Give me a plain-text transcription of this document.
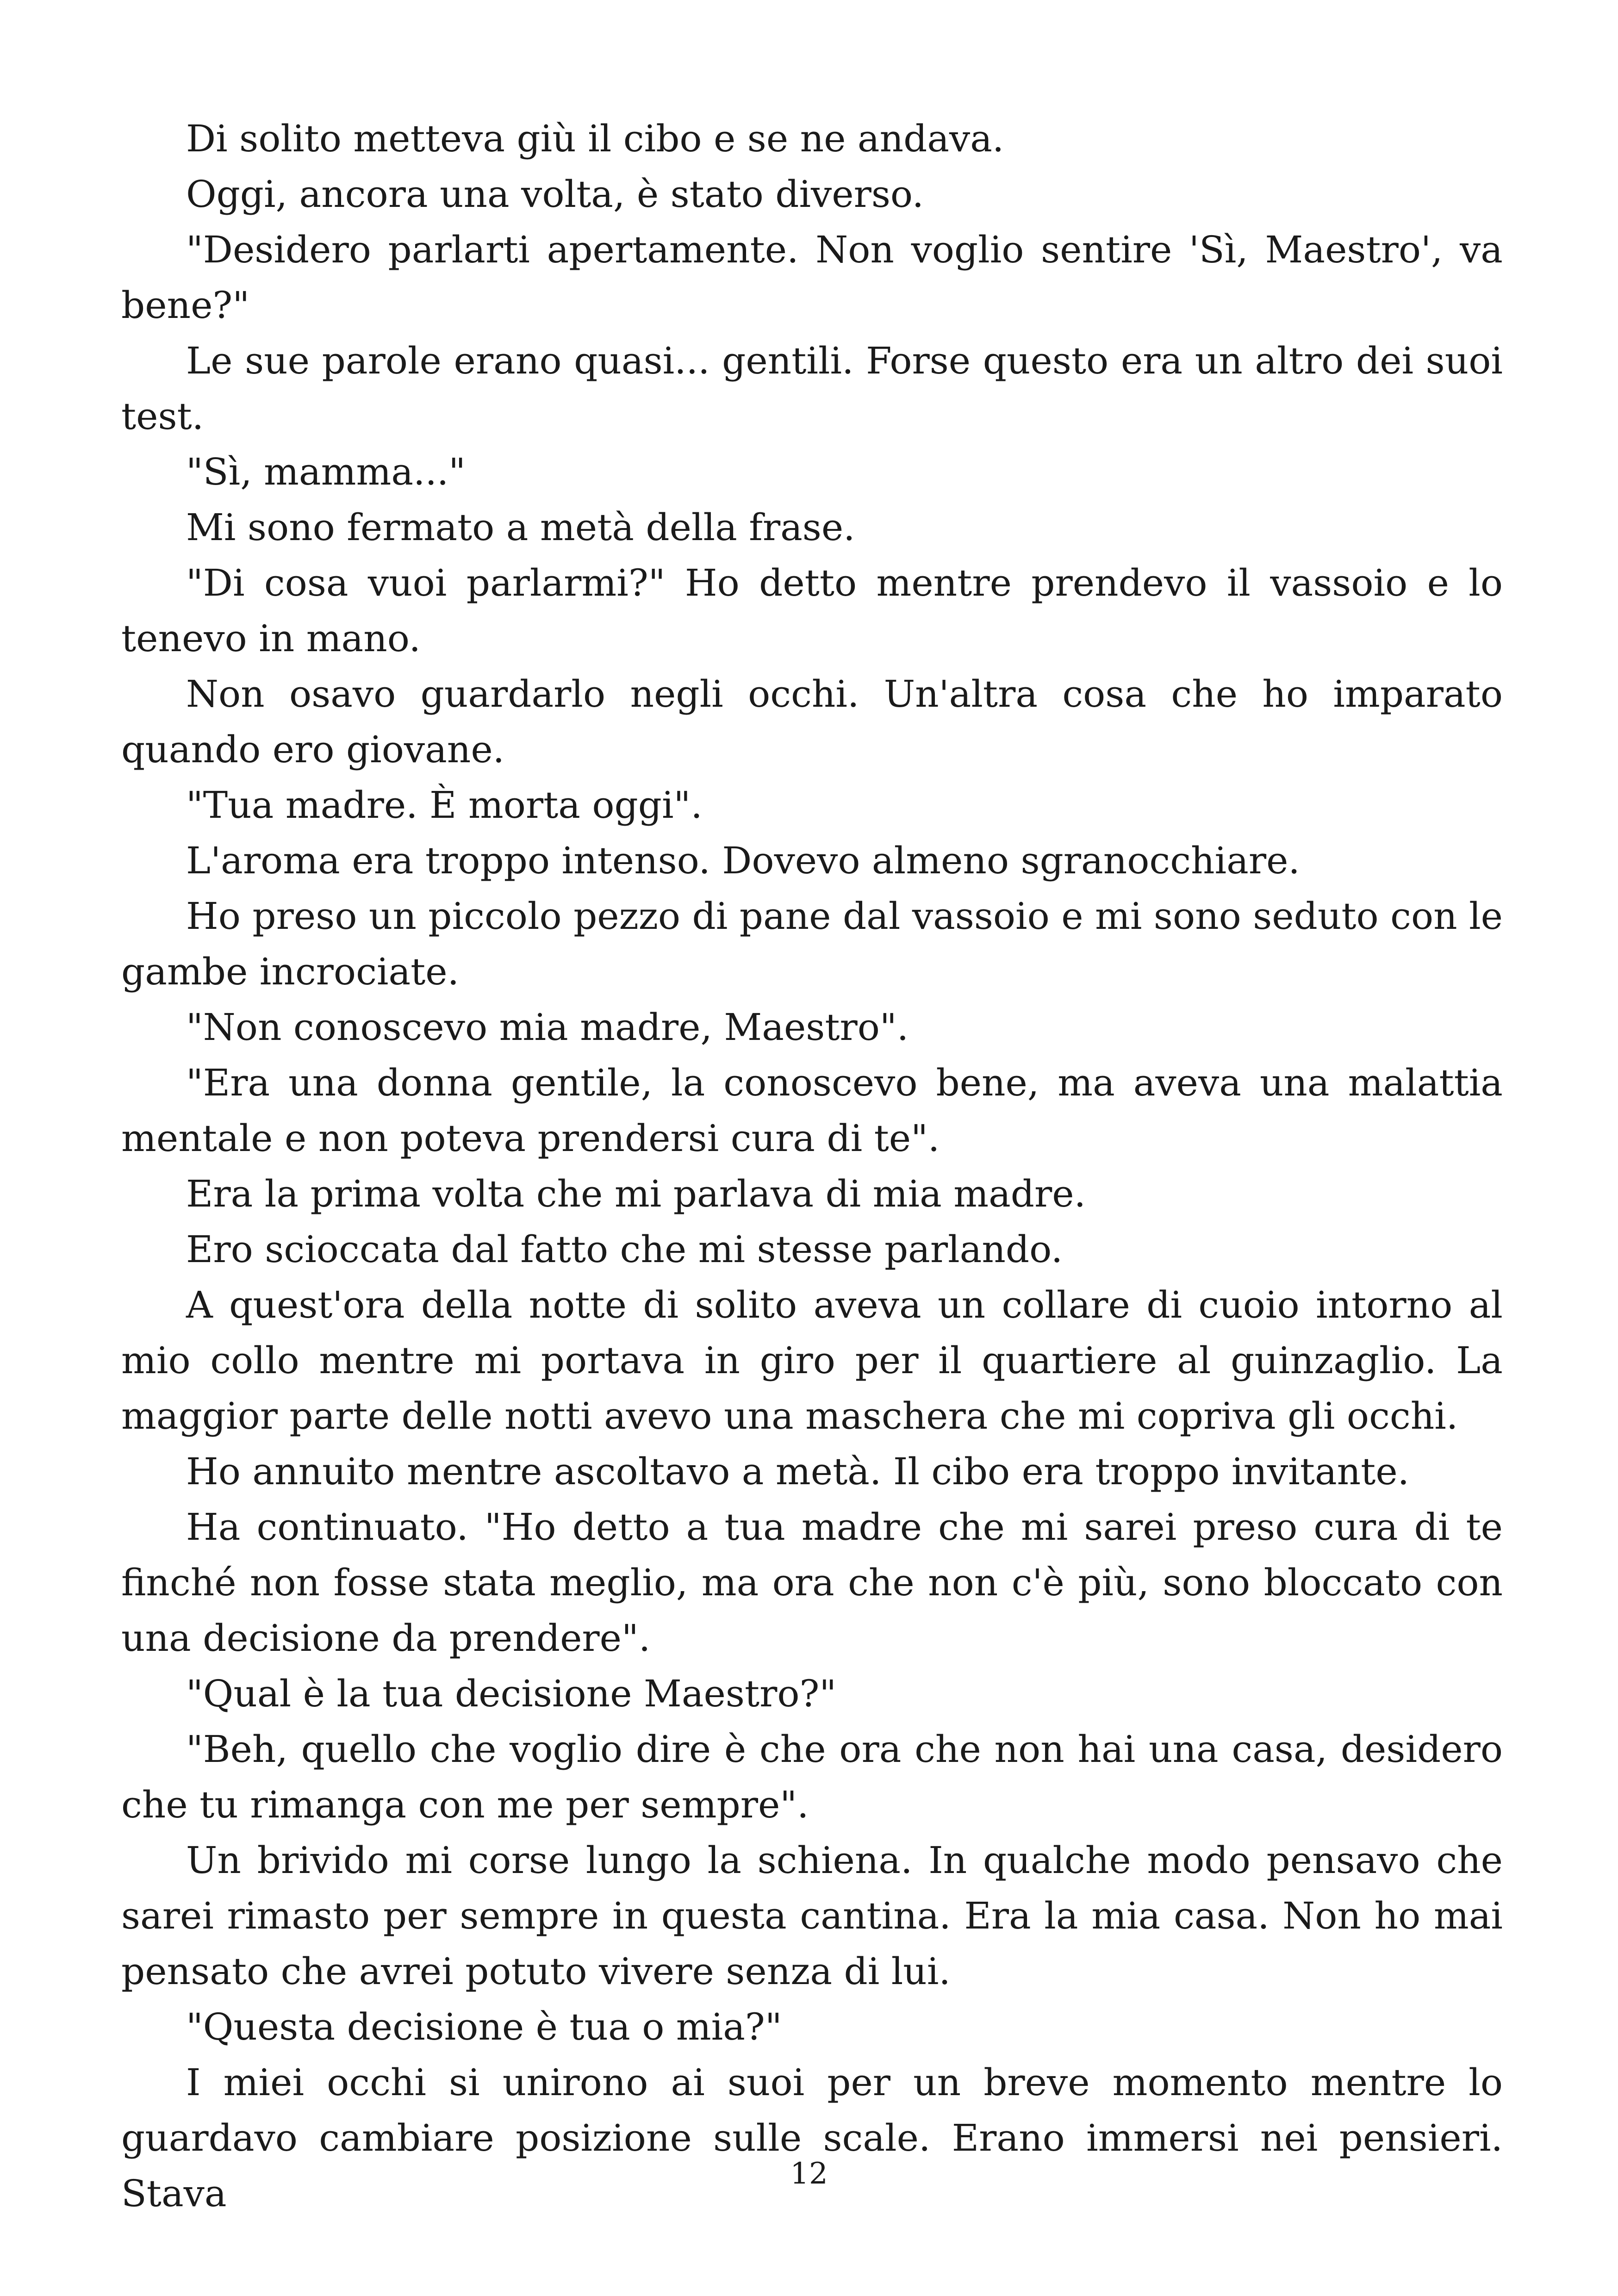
Di solito metteva giù il cibo e se ne andava.

Oggi, ancora una volta, è stato diverso.

"Desidero parlarti apertamente. Non voglio sentire 'Sì, Maestro', va bene?"

Le sue parole erano quasi... gentili. Forse questo era un altro dei suoi test.

"Sì, mamma..."

Mi sono fermato a metà della frase.

"Di cosa vuoi parlarmi?" Ho detto mentre prendevo il vassoio e lo tenevo in mano.

Non osavo guardarlo negli occhi. Un'altra cosa che ho imparato quando ero giovane.

"Tua madre. È morta oggi".

L'aroma era troppo intenso. Dovevo almeno sgranocchiare.

Ho preso un piccolo pezzo di pane dal vassoio e mi sono seduto con le gambe incrociate.

"Non conoscevo mia madre, Maestro".

"Era una donna gentile, la conoscevo bene, ma aveva una malattia mentale e non poteva prendersi cura di te".

Era la prima volta che mi parlava di mia madre.

Ero scioccata dal fatto che mi stesse parlando.

A quest'ora della notte di solito aveva un collare di cuoio intorno al mio collo mentre mi portava in giro per il quartiere al guinzaglio. La maggior parte delle notti avevo una maschera che mi copriva gli occhi.

Ho annuito mentre ascoltavo a metà. Il cibo era troppo invitante.

Ha continuato. "Ho detto a tua madre che mi sarei preso cura di te finché non fosse stata meglio, ma ora che non c'è più, sono bloccato con una decisione da prendere".

"Qual è la tua decisione Maestro?"

"Beh, quello che voglio dire è che ora che non hai una casa, desidero che tu rimanga con me per sempre".

Un brivido mi corse lungo la schiena. In qualche modo pensavo che sarei rimasto per sempre in questa cantina. Era la mia casa. Non ho mai pensato che avrei potuto vivere senza di lui.

"Questa decisione è tua o mia?"

I miei occhi si unirono ai suoi per un breve momento mentre lo guardavo cambiare posizione sulle scale. Erano immersi nei pensieri. Stava	12
